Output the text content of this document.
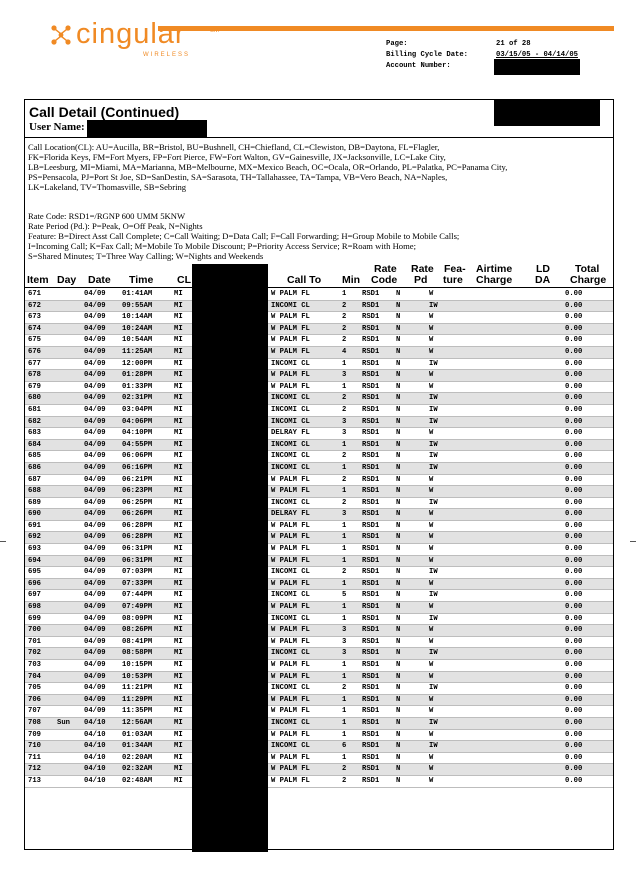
cingular	SM
WIRELESS
Page:	21 of 28
Billing Cycle Date:	03/15/05 - 04/14/05
Account Number:
Call Detail (Continued)
User Name:
Call Location(CL): AU=Aucilla, BR=Bristol, BU=Bushnell, CH=Chiefland, CL=Clewiston, DB=Daytona, FL=Flagler,
FK=Florida Keys, FM=Fort Myers, FP=Fort Pierce, FW=Fort Walton, GV=Gainesville, JX=Jacksonville, LC=Lake City,
LB=Leesburg, MI=Miami, MA=Marianna, MB=Melbourne, MX=Mexico Beach, OC=Ocala, OR=Orlando, PL=Palatka, PC=Panama City,
PS=Pensacola, PJ=Port St Joe, SD=SanDestin, SA=Sarasota, TH=Tallahassee, TA=Tampa, VB=Vero Beach, NA=Naples,
LK=Lakeland, TV=Thomasville, SB=Sebring
Rate Code: RSD1=/RGNP 600 UMM 5KNW
Rate Period (Pd.): P=Peak, O=Off Peak, N=Nights
Feature: B=Direct Asst Call Complete; C=Call Waiting; D=Data Call; F=Call Forwarding; H=Group Mobile to Mobile Calls;
I=Incoming Call; K=Fax Call; M=Mobile To Mobile Discount; P=Priority Access Service; R=Roam with Home;
S=Shared Minutes; T=Three Way Calling; W=Nights and Weekends
Item Day Date Time CL	Call To Min
Rate
Code
Rate
Pd
Fea-
ture
Airtime
Charge
LD
DA
Total
Charge
671	04/09 01:41AM	MI	W PALM FL	1 RSD1 N	W	0.00
672	04/09 09:55AM	MI	INCOMI CL	2 RSD1 N	IW	0.00
673	04/09 10:14AM	MI	W PALM FL	2 RSD1 N	W	0.00
674	04/09 10:24AM	MI	W PALM FL	2 RSD1 N	W	0.00
675	04/09 10:54AM	MI	W PALM FL	2 RSD1 N	W	0.00
676	04/09 11:25AM	MI	W PALM FL	4 RSD1 N	W	0.00
677	04/09 12:00PM	MI	INCOMI CL	1 RSD1 N	IW	0.00
678	04/09 01:28PM	MI	W PALM FL	3 RSD1 N	W	0.00
679	04/09 01:33PM	MI	W PALM FL	1 RSD1 N	W	0.00
680	04/09 02:31PM	MI	INCOMI CL	2 RSD1 N	IW	0.00
681	04/09 03:04PM	MI	INCOMI CL	2 RSD1 N	IW	0.00
682	04/09 04:06PM	MI	INCOMI CL	3 RSD1 N	IW	0.00
683	04/09 04:10PM	MI	DELRAY FL	3 RSD1 N	W	0.00
684	04/09 04:55PM	MI	INCOMI CL	1 RSD1 N	IW	0.00
685	04/09 06:06PM	MI	INCOMI CL	2 RSD1 N	IW	0.00
686	04/09 06:16PM	MI	INCOMI CL	1 RSD1 N	IW	0.00
687	04/09 06:21PM	MI	W PALM FL	2 RSD1 N	W	0.00
688	04/09 06:23PM	MI	W PALM FL	1 RSD1 N	W	0.00
689	04/09 06:25PM	MI	INCOMI CL	2 RSD1 N	IW	0.00
690	04/09 06:26PM	MI	DELRAY FL	3 RSD1 N	W	0.00
691	04/09 06:28PM	MI	W PALM FL	1 RSD1 N	W	0.00
692	04/09 06:28PM	MI	W PALM FL	1 RSD1 N	W	0.00
693	04/09 06:31PM	MI	W PALM FL	1 RSD1 N	W	0.00
694	04/09 06:31PM	MI	W PALM FL	1 RSD1 N	W	0.00
695	04/09 07:03PM	MI	INCOMI CL	2 RSD1 N	IW	0.00
696	04/09 07:33PM	MI	W PALM FL	1 RSD1 N	W	0.00
697	04/09 07:44PM	MI	INCOMI CL	5 RSD1 N	IW	0.00
698	04/09 07:49PM	MI	W PALM FL	1 RSD1 N	W	0.00
699	04/09 08:09PM	MI	INCOMI CL	1 RSD1 N	IW	0.00
700	04/09 08:26PM	MI	W PALM FL	3 RSD1 N	W	0.00
701	04/09 08:41PM	MI	W PALM FL	3 RSD1 N	W	0.00
702	04/09 08:58PM	MI	INCOMI CL	3 RSD1 N	IW	0.00
703	04/09 10:15PM	MI	W PALM FL	1 RSD1 N	W	0.00
704	04/09 10:53PM	MI	W PALM FL	1 RSD1 N	W	0.00
705	04/09 11:21PM	MI	INCOMI CL	2 RSD1 N	IW	0.00
706	04/09 11:29PM	MI	W PALM FL	1 RSD1 N	W	0.00
707	04/09 11:35PM	MI	W PALM FL	1 RSD1 N	W	0.00
708 Sun 04/10 12:56AM	MI	INCOMI CL	1 RSD1 N	IW	0.00
709	04/10 01:03AM	MI	W PALM FL	1 RSD1 N	W	0.00
710	04/10 01:34AM	MI	INCOMI CL	6 RSD1 N	IW	0.00
711	04/10 02:20AM	MI	W PALM FL	1 RSD1 N	W	0.00
712	04/10 02:32AM	MI	W PALM FL	2 RSD1 N	W	0.00
713	04/10 02:48AM	MI	W PALM FL	2 RSD1 N	W	0.00
